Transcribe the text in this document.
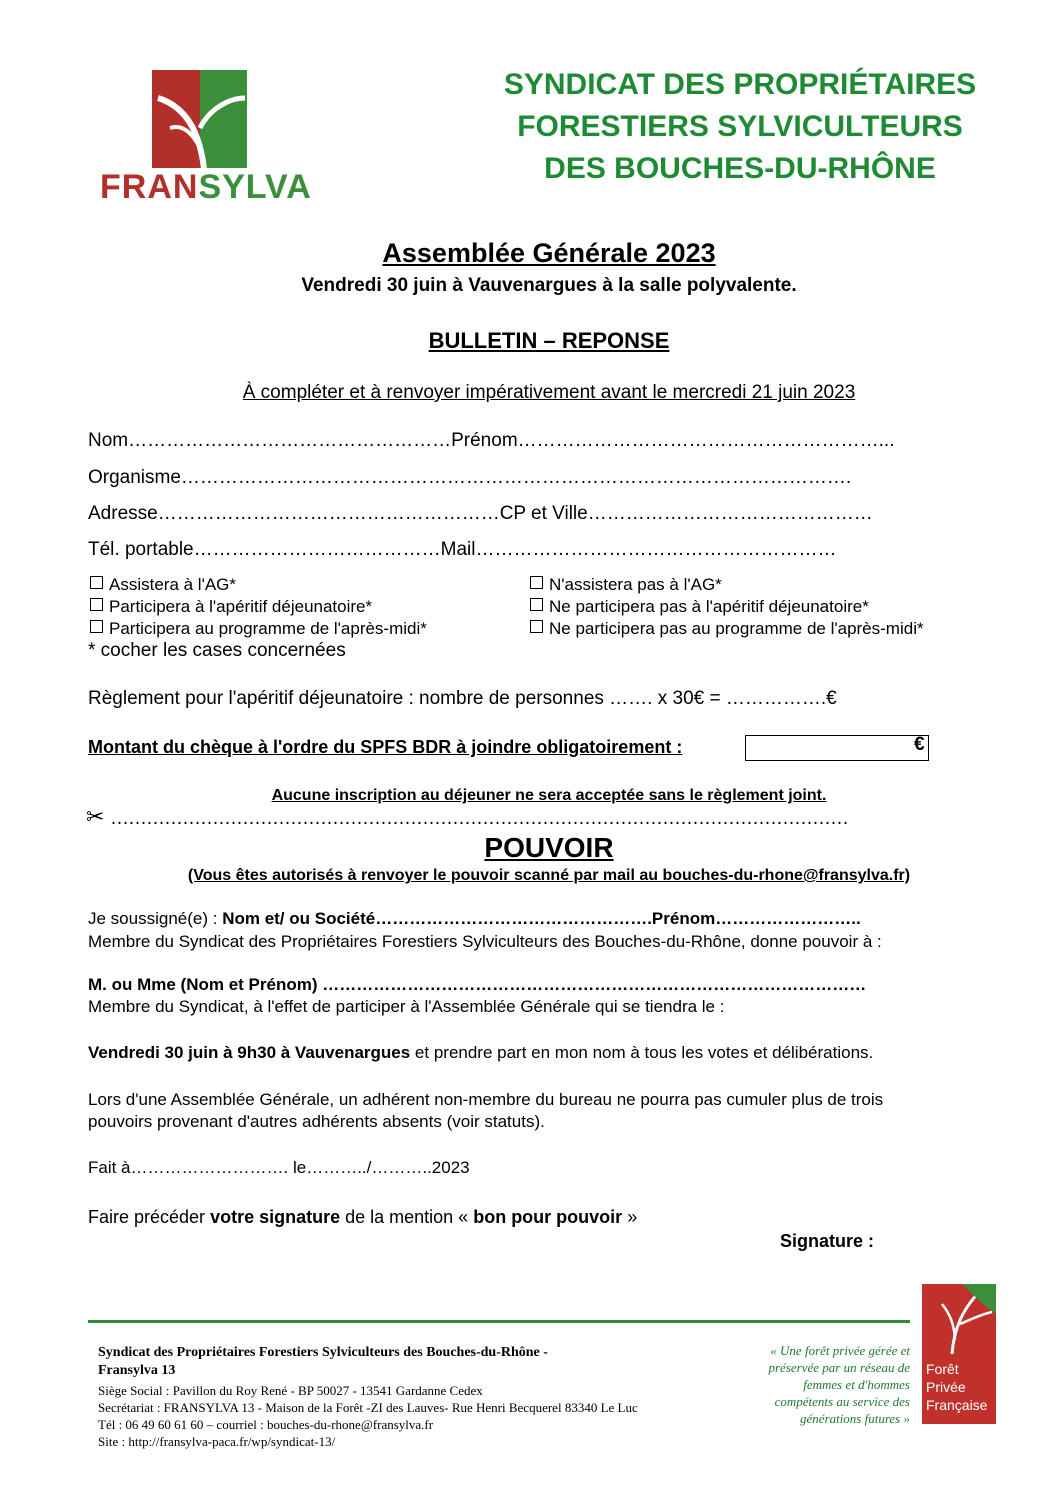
FRANSYLVA
SYNDICAT DES PROPRIÉTAIRES
FORESTIERS SYLVICULTEURS
DES BOUCHES-DU-RHÔNE
Assemblée Générale 2023
Vendredi 30 juin à Vauvenargues à la salle polyvalente.
BULLETIN – REPONSE
À compléter et à renvoyer impérativement avant le mercredi 21 juin 2023
Nom……………………………………………Prénom…………………………………………………...
Organisme…………………………………………………………………………………………….
Adresse………………………………………………CP et Ville………………………………………
Tél. portable…………………………………Mail…………………………………………………
Assistera à l'AG*
Participera à l'apéritif déjeunatoire*
Participera au programme de l'après-midi*
N'assistera pas à l'AG*
Ne participera pas à l'apéritif déjeunatoire*
Ne participera pas au programme de l'après-midi*
* cocher les cases concernées
Règlement pour l'apéritif déjeunatoire : nombre de personnes ……. x 30€ = …………….€
Montant du chèque à l'ordre du SPFS BDR à joindre obligatoirement :	€
Aucune inscription au déjeuner ne sera acceptée sans le règlement joint.
✂ ……………………………………………………………………………………………………………
POUVOIR
(Vous êtes autorisés à renvoyer le pouvoir scanné par mail au bouches-du-rhone@fransylva.fr)
Je soussigné(e) : Nom et/ ou Société………………………………………….Prénom……………………..
Membre du Syndicat des Propriétaires Forestiers Sylviculteurs des Bouches-du-Rhône, donne pouvoir à :
M. ou Mme (Nom et Prénom) ……………………………………………………………………………………
Membre du Syndicat, à l'effet de participer à l'Assemblée Générale qui se tiendra le :
Vendredi 30 juin à 9h30 à Vauvenargues et prendre part en mon nom à tous les votes et délibérations.
Lors d'une Assemblée Générale, un adhérent non-membre du bureau ne pourra pas cumuler plus de trois
pouvoirs provenant d'autres adhérents absents (voir statuts).
Fait à………………………. le………../………..2023
Faire précéder votre signature de la mention « bon pour pouvoir »
Signature :
Syndicat des Propriétaires Forestiers Sylviculteurs des Bouches-du-Rhône -
Fransylva 13
Siège Social : Pavillon du Roy René - BP 50027 - 13541 Gardanne Cedex
Secrétariat : FRANSYLVA 13 - Maison de la Forêt -ZI des Lauves- Rue Henri Becquerel 83340 Le Luc
Tél : 06 49 60 61 60 – courriel : bouches-du-rhone@fransylva.fr
Site : http://fransylva-paca.fr/wp/syndicat-13/
« Une forêt privée gérée et
préservée par un réseau de
femmes et d'hommes
compétents au service des
générations futures »
Forêt
Privée
Française
